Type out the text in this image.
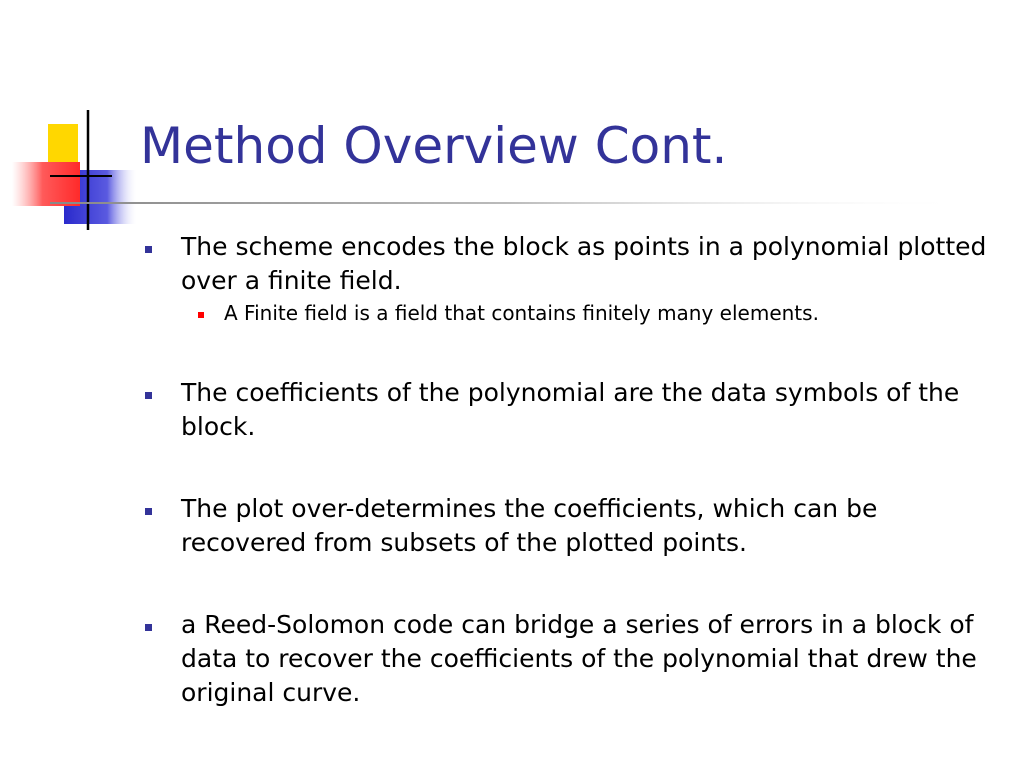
Method Overview Cont.
The scheme encodes the block as points in a polynomial plotted over a finite field.
A Finite field is a field that contains finitely many elements.
The coefficients of the polynomial are the data symbols of the block.
The plot over-determines the coefficients, which can be recovered from subsets of the plotted points.
a Reed-Solomon code can bridge a series of errors in a block of data to recover the coefficients of the polynomial that drew the original curve.
